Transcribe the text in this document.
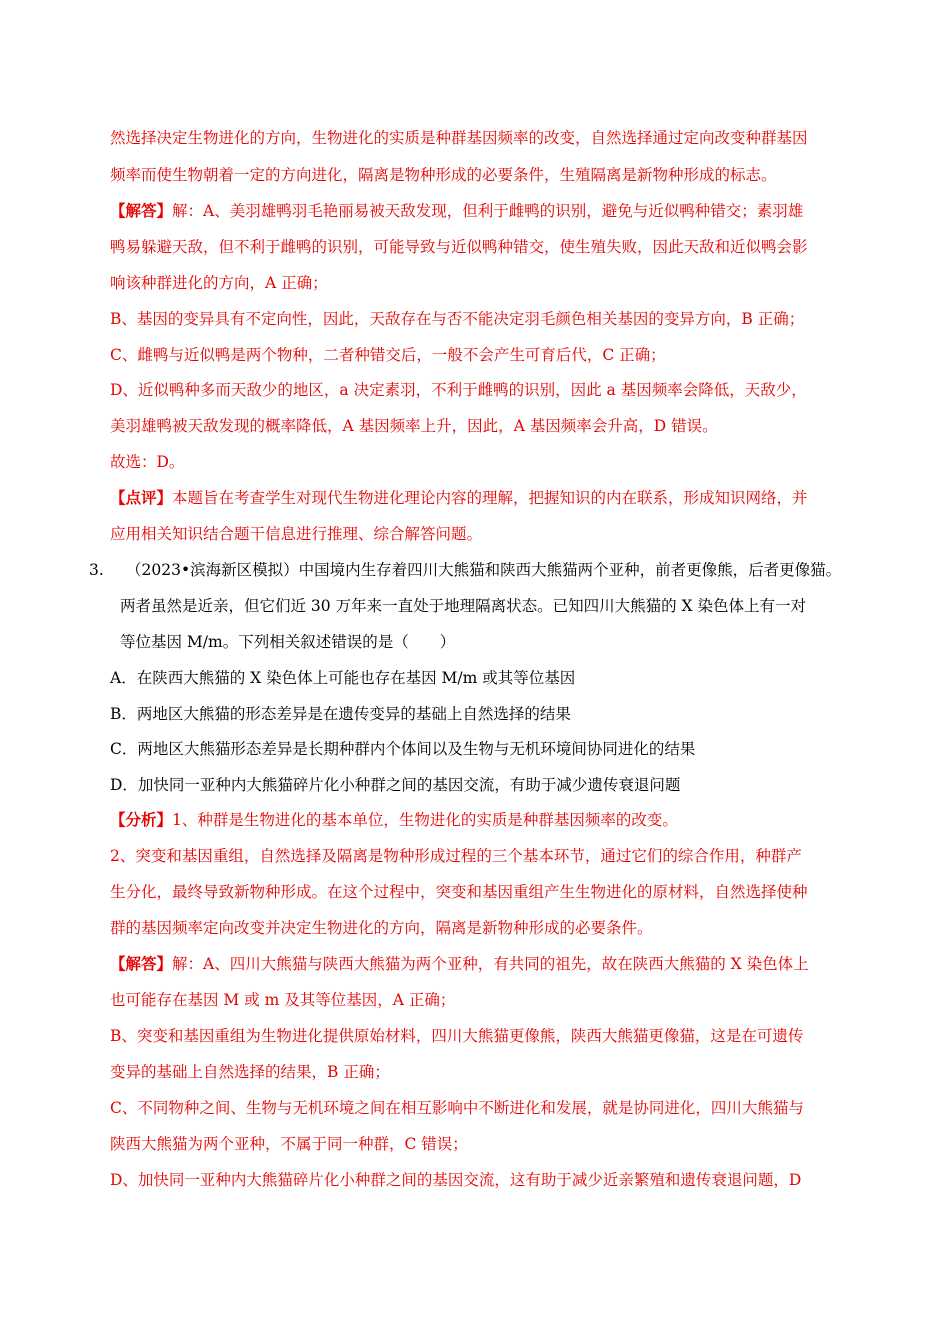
然选择决定生物进化的方向，生物进化的实质是种群基因频率的改变，自然选择通过定向改变种群基因
频率而使生物朝着一定的方向进化，隔离是物种形成的必要条件，生殖隔离是新物种形成的标志。
【解答】解：A、美羽雄鸭羽毛艳丽易被天敌发现，但利于雌鸭的识别，避免与近似鸭种错交；素羽雄
鸭易躲避天敌，但不利于雌鸭的识别，可能导致与近似鸭种错交，使生殖失败，因此天敌和近似鸭会影
响该种群进化的方向，A 正确；
B、基因的变异具有不定向性，因此，天敌存在与否不能决定羽毛颜色相关基因的变异方向，B 正确；
C、雌鸭与近似鸭是两个物种，二者种错交后，一般不会产生可育后代，C 正确；
D、近似鸭种多而天敌少的地区，a 决定素羽，不利于雌鸭的识别，因此 a 基因频率会降低，天敌少，
美羽雄鸭被天敌发现的概率降低，A 基因频率上升，因此，A 基因频率会升高，D 错误。
故选：D。
【点评】本题旨在考查学生对现代生物进化理论内容的理解，把握知识的内在联系，形成知识网络，并
应用相关知识结合题干信息进行推理、综合解答问题。
3. （2023•滨海新区模拟）中国境内生存着四川大熊猫和陕西大熊猫两个亚种，前者更像熊，后者更像猫。
两者虽然是近亲，但它们近 30 万年来一直处于地理隔离状态。已知四川大熊猫的 X 染色体上有一对
等位基因 M/m。下列相关叙述错误的是（　　）
A．在陕西大熊猫的 X 染色体上可能也存在基因 M/m 或其等位基因
B．两地区大熊猫的形态差异是在遗传变异的基础上自然选择的结果
C．两地区大熊猫形态差异是长期种群内个体间以及生物与无机环境间协同进化的结果
D．加快同一亚种内大熊猫碎片化小种群之间的基因交流，有助于减少遗传衰退问题
【分析】1、种群是生物进化的基本单位，生物进化的实质是种群基因频率的改变。
2、突变和基因重组，自然选择及隔离是物种形成过程的三个基本环节，通过它们的综合作用，种群产
生分化，最终导致新物种形成。在这个过程中，突变和基因重组产生生物进化的原材料，自然选择使种
群的基因频率定向改变并决定生物进化的方向，隔离是新物种形成的必要条件。
【解答】解：A、四川大熊猫与陕西大熊猫为两个亚种，有共同的祖先，故在陕西大熊猫的 X 染色体上
也可能存在基因 M 或 m 及其等位基因，A 正确；
B、突变和基因重组为生物进化提供原始材料，四川大熊猫更像熊，陕西大熊猫更像猫，这是在可遗传
变异的基础上自然选择的结果，B 正确；
C、不同物种之间、生物与无机环境之间在相互影响中不断进化和发展，就是协同进化，四川大熊猫与
陕西大熊猫为两个亚种，不属于同一种群，C 错误；
D、加快同一亚种内大熊猫碎片化小种群之间的基因交流，这有助于减少近亲繁殖和遗传衰退问题，D
